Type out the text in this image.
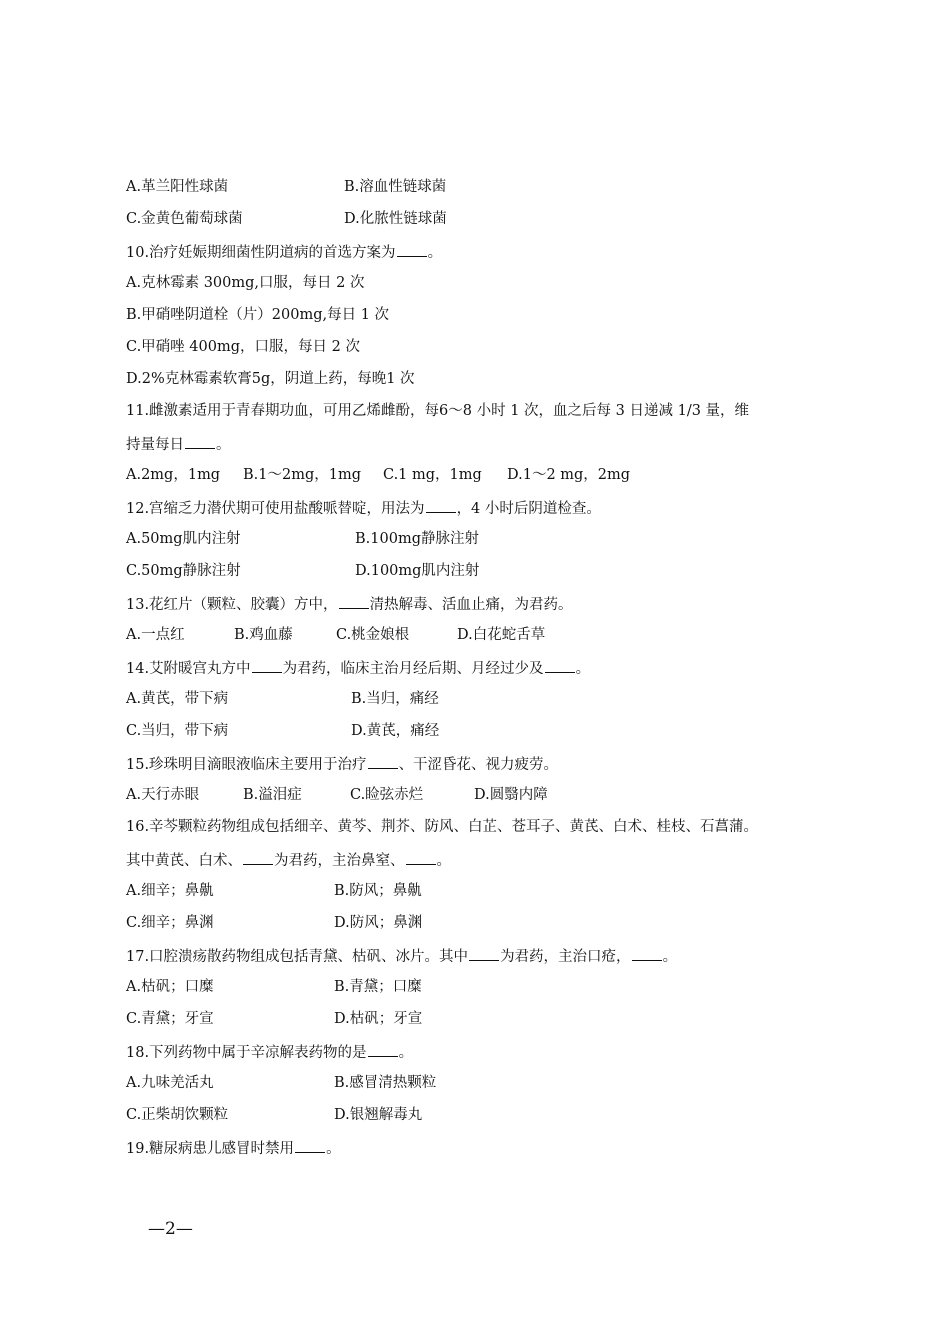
A.革兰阳性球菌	B.溶血性链球菌
C.金黄色葡萄球菌	D.化脓性链球菌
10.治疗妊娠期细菌性阴道病的首选方案为 。
A.克林霉素 300mg,口服，每日 2 次
B.甲硝唑阴道栓（片）200mg,每日 1 次
C.甲硝唑 400mg，口服，每日 2 次
D.2%克林霉素软膏5g，阴道上药，每晚1 次
11.雌激素适用于青春期功血，可用乙烯雌酚，每6～8 小时 1 次，血之后每 3 日递减 1/3 量，维
持量每日 。
A.2mg，1mg B.1～2mg，1mg C.1 mg，1mg D.1～2 mg，2mg
12.宫缩乏力潜伏期可使用盐酸哌替啶，用法为 ，4 小时后阴道检查。
A.50mg肌内注射	B.100mg静脉注射
C.50mg静脉注射	D.100mg肌内注射
13.花红片（颗粒、胶囊）方中， 清热解毒、活血止痛，为君药。
A.一点红	B.鸡血藤	C.桃金娘根	D.白花蛇舌草
14.艾附暖宫丸方中 为君药，临床主治月经后期、月经过少及 。
A.黄芪，带下病	B.当归，痛经
C.当归，带下病	D.黄芪，痛经
15.珍珠明目滴眼液临床主要用于治疗 、干涩昏花、视力疲劳。
A.天行赤眼	B.溢泪症	C.睑弦赤烂	D.圆翳内障
16.辛芩颗粒药物组成包括细辛、黄芩、荆芥、防风、白芷、苍耳子、黄芪、白术、桂枝、石菖蒲。
其中黄芪、白术、 为君药，主治鼻窒、 。
A.细辛；鼻鼽	B.防风；鼻鼽
C.细辛；鼻渊	D.防风；鼻渊
17.口腔溃疡散药物组成包括青黛、枯矾、冰片。其中 为君药，主治口疮， 。
A.枯矾；口糜	B.青黛；口糜
C.青黛；牙宣	D.枯矾；牙宣
18.下列药物中属于辛凉解表药物的是 。
A.九味羌活丸	B.感冒清热颗粒
C.正柴胡饮颗粒	D.银翘解毒丸
19.糖尿病患儿感冒时禁用 。
—2—
